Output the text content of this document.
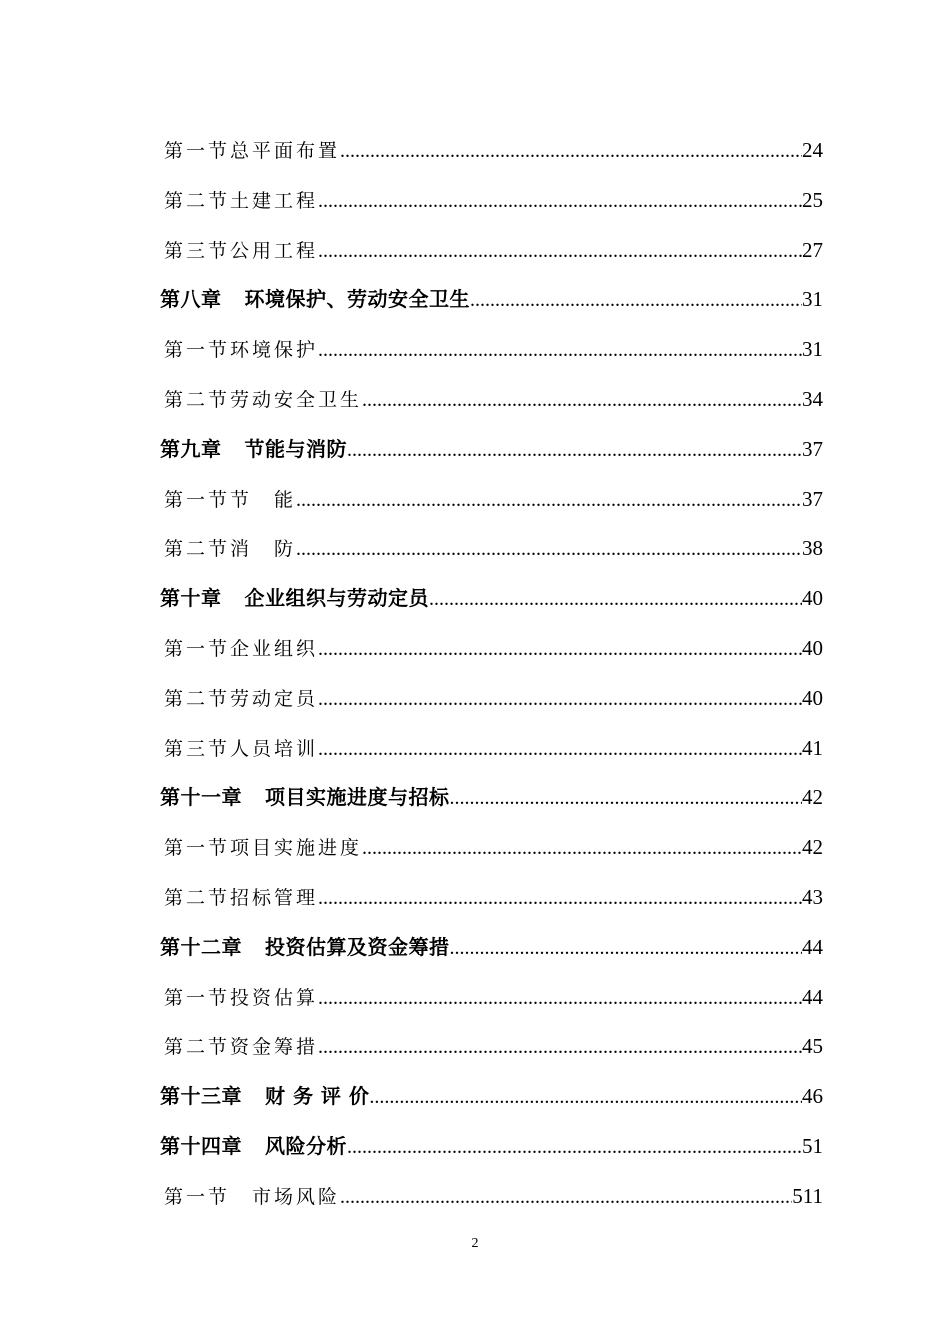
第一节 总平面布置 .....	24
第二节 土建工程 .....	25
第三节 公用工程 .....	27
第八章 环境保护、劳动安全卫生 .....	31
第一节 环境保护 .....	31
第二节 劳动安全卫生 .....	34
第九章 节能与消防 .....	37
第一节 节　能 .....	37
第二节 消　防 .....	38
第十章 企业组织与劳动定员 .....	40
第一节 企业组织 .....	40
第二节 劳动定员 .....	40
第三节 人员培训 .....	41
第十一章 项目实施进度与招标 .....	42
第一节 项目实施进度 .....	42
第二节 招标管理 .....	43
第十二章 投资估算及资金筹措 .....	44
第一节 投资估算 .....	44
第二节 资金筹措 .....	45
第十三章 财 务 评 价 .....	46
第十四章 风险分析 .....	51
第一节 　市场风险 .....	511
2
